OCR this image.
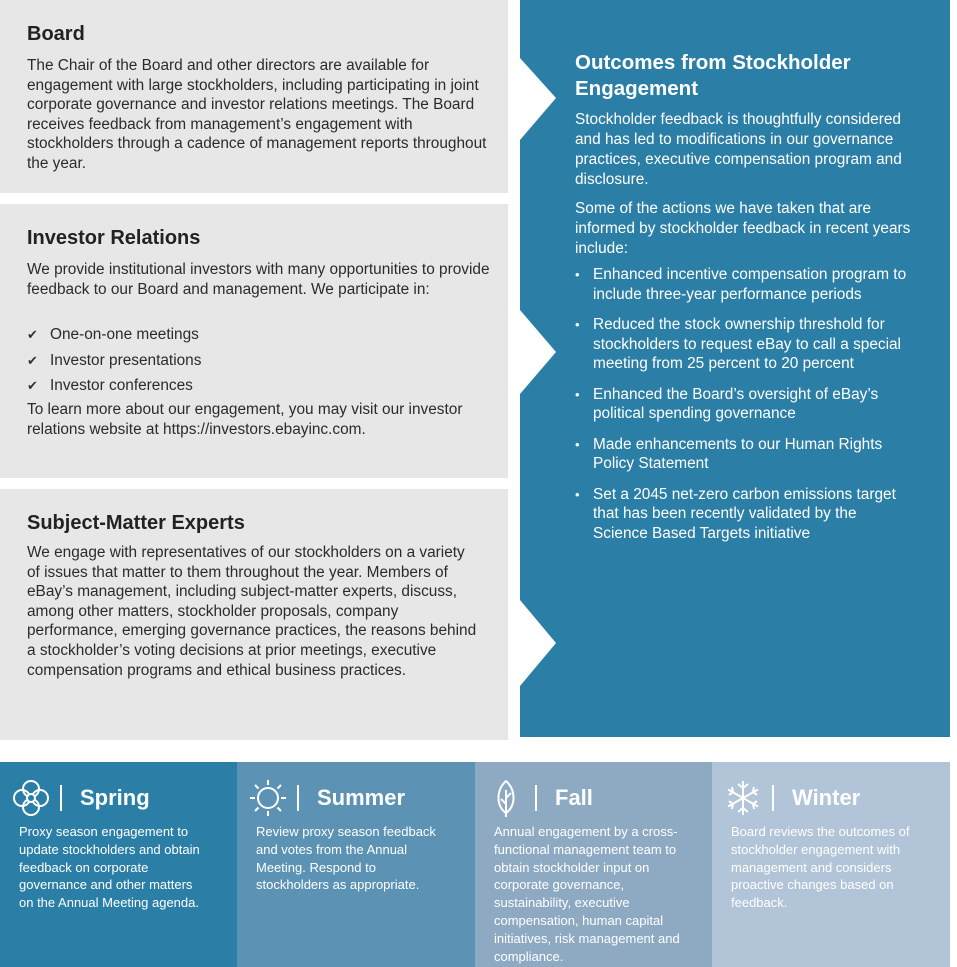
Board

The Chair of the Board and other directors are available for engagement with large stockholders, including participating in joint corporate governance and investor relations meetings. The Board receives feedback from management’s engagement with stockholders through a cadence of management reports throughout the year.

Investor Relations

We provide institutional investors with many opportunities to provide feedback to our Board and management. We participate in:

✔ One-on-one meetings
✔ Investor presentations
✔ Investor conferences

To learn more about our engagement, you may visit our investor relations website at https://investors.ebayinc.com.

Subject-Matter Experts

We engage with representatives of our stockholders on a variety of issues that matter to them throughout the year. Members of eBay’s management, including subject-matter experts, discuss, among other matters, stockholder proposals, company performance, emerging governance practices, the reasons behind a stockholder’s voting decisions at prior meetings, executive compensation programs and ethical business practices.

Outcomes from Stockholder Engagement

Stockholder feedback is thoughtfully considered and has led to modifications in our governance practices, executive compensation program and disclosure.

Some of the actions we have taken that are informed by stockholder feedback in recent years include:

• Enhanced incentive compensation program to include three-year performance periods
• Reduced the stock ownership threshold for stockholders to request eBay to call a special meeting from 25 percent to 20 percent
• Enhanced the Board’s oversight of eBay’s political spending governance
• Made enhancements to our Human Rights Policy Statement
• Set a 2045 net-zero carbon emissions target that has been recently validated by the Science Based Targets initiative
Spring

Proxy season engagement to update stockholders and obtain feedback on corporate governance and other matters on the Annual Meeting agenda.

Summer

Review proxy season feedback and votes from the Annual Meeting. Respond to stockholders as appropriate.

Fall

Annual engagement by a cross-functional management team to obtain stockholder input on corporate governance, sustainability, executive compensation, human capital initiatives, risk management and compliance.

Winter

Board reviews the outcomes of stockholder engagement with management and considers proactive changes based on feedback.
